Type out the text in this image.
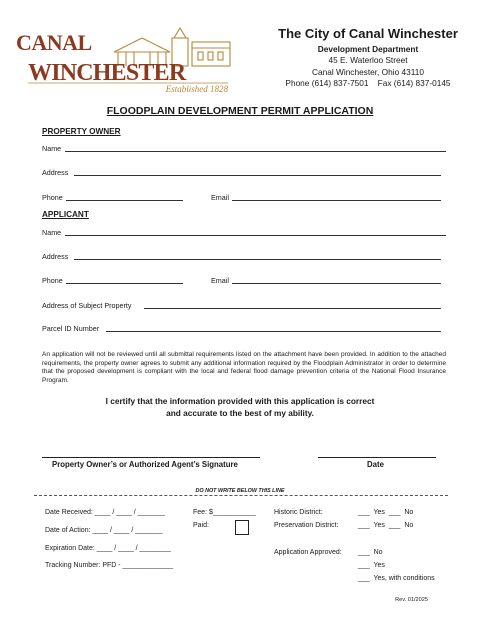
CANAL
WINCHESTER
Established 1828
The City of Canal Winchester
Development Department
45 E. Waterloo Street
Canal Winchester, Ohio 43110
Phone (614) 837-7501    Fax (614) 837-0145
FLOODPLAIN DEVELOPMENT PERMIT APPLICATION
PROPERTY OWNER
Name
Address
Phone	Email
APPLICANT
Name
Address
Phone	Email
Address of Subject Property
Parcel ID Number
An application will not be reviewed until all submittal requirements listed on the attachment have been provided. In addition to the attached requirements, the property owner agrees to submit any additional information required by the Floodplain Administrator in order to determine that the proposed development is compliant with the local and federal flood damage prevention criteria of the National Flood Insurance Program.
I certify that the information provided with this application is correct
and accurate to the best of my ability.
Property Owner’s or Authorized Agent’s Signature	Date
DO NOT WRITE BELOW THIS LINE
Date Received: ____ / ____ / _______
Date of Action: ____ / ____ / _______
Expiration Date: ____ / ____ / ________
Tracking Number: PFD - _____________
Fee: $___________
Paid:
Historic District:	___  Yes  ___  No
Preservation District:	___  Yes  ___  No
Application Approved: ___  No
___  Yes
___  Yes, with conditions
Rev. 01/2025
